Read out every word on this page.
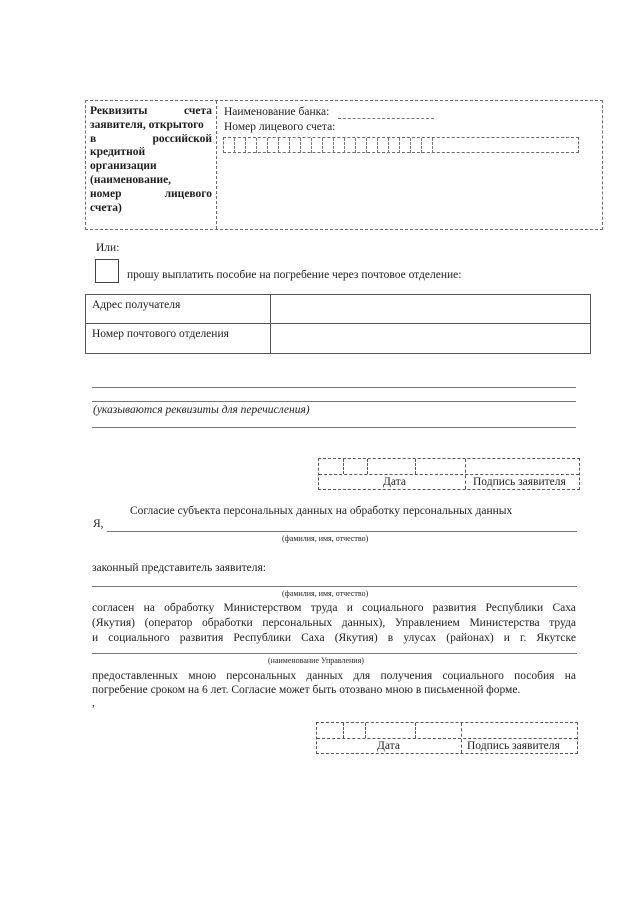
Реквизиты	счета
заявителя, открытого
в	российской
кредитной
организации
(наименование,
номер	лицевого
счета)
Наименование банка:
Номер лицевого счета:
Или:
прошу выплатить пособие на погребение через почтовое отделение:
Адрес получателя
Номер почтового отделения
(указываются реквизиты для перечисления)
Дата	Подпись заявителя
Согласие субъекта персональных данных на обработку персональных данных
Я,
(фамилия, имя, отчество)
законный представитель заявителя:
(фамилия, имя, отчество)
согласен на обработку Министерством труда и социального развития Республики Саха
(Якутия) (оператор обработки персональных данных), Управлением Министерства труда
и социального развития Республики Саха (Якутия) в улусах (районах) и г. Якутске
(наименование Управления)
предоставленных мною персональных данных для получения социального пособия на
погребение сроком на 6 лет. Согласие может быть отозвано мною в письменной форме.
,
Дата	Подпись заявителя
